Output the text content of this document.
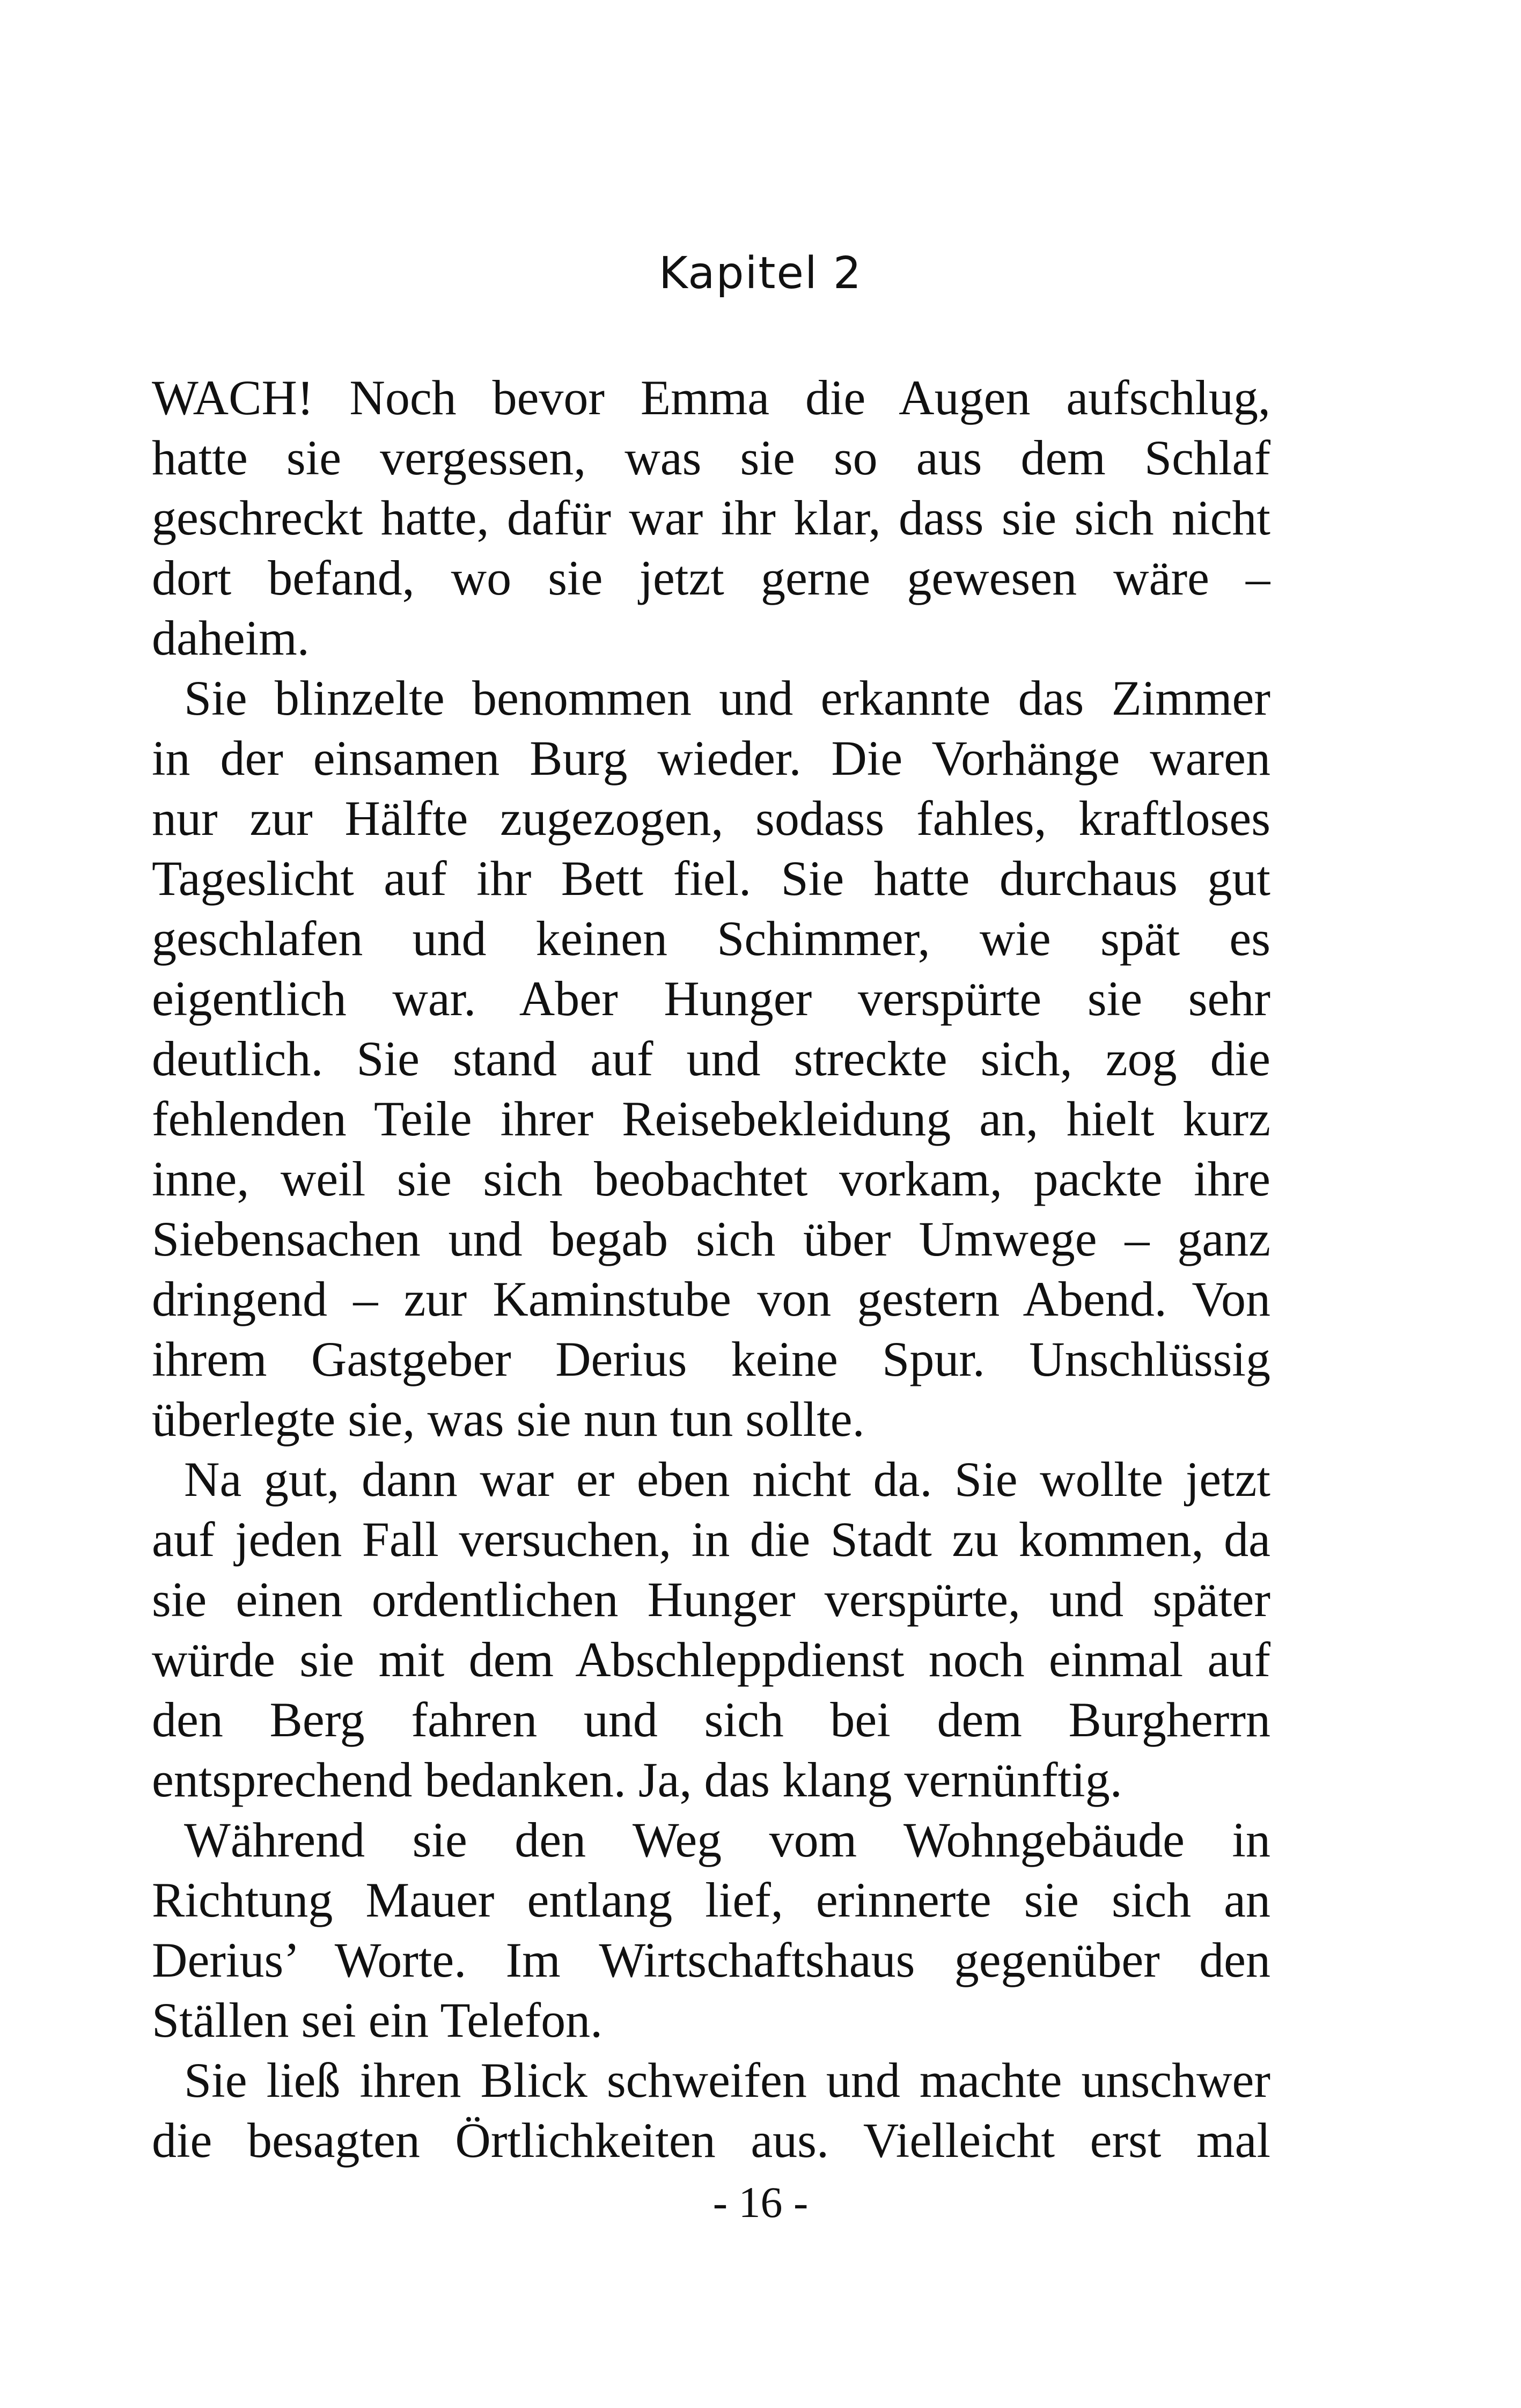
Kapitel 2
WACH! Noch bevor Emma die Augen aufschlug,
hatte sie vergessen, was sie so aus dem Schlaf
geschreckt hatte, dafür war ihr klar, dass sie sich nicht
dort befand, wo sie jetzt gerne gewesen wäre –
daheim.
Sie blinzelte benommen und erkannte das Zimmer
in der einsamen Burg wieder. Die Vorhänge waren
nur zur Hälfte zugezogen, sodass fahles, kraftloses
Tageslicht auf ihr Bett fiel. Sie hatte durchaus gut
geschlafen und keinen Schimmer, wie spät es
eigentlich war. Aber Hunger verspürte sie sehr
deutlich. Sie stand auf und streckte sich, zog die
fehlenden Teile ihrer Reisebekleidung an, hielt kurz
inne, weil sie sich beobachtet vorkam, packte ihre
Siebensachen und begab sich über Umwege – ganz
dringend – zur Kaminstube von gestern Abend. Von
ihrem Gastgeber Derius keine Spur. Unschlüssig
überlegte sie, was sie nun tun sollte.
Na gut, dann war er eben nicht da. Sie wollte jetzt
auf jeden Fall versuchen, in die Stadt zu kommen, da
sie einen ordentlichen Hunger verspürte, und später
würde sie mit dem Abschleppdienst noch einmal auf
den Berg fahren und sich bei dem Burgherrn
entsprechend bedanken. Ja, das klang vernünftig.
Während sie den Weg vom Wohngebäude in
Richtung Mauer entlang lief, erinnerte sie sich an
Derius’ Worte. Im Wirtschaftshaus gegenüber den
Ställen sei ein Telefon.
Sie ließ ihren Blick schweifen und machte unschwer
die besagten Örtlichkeiten aus. Vielleicht erst mal
- 16 -
